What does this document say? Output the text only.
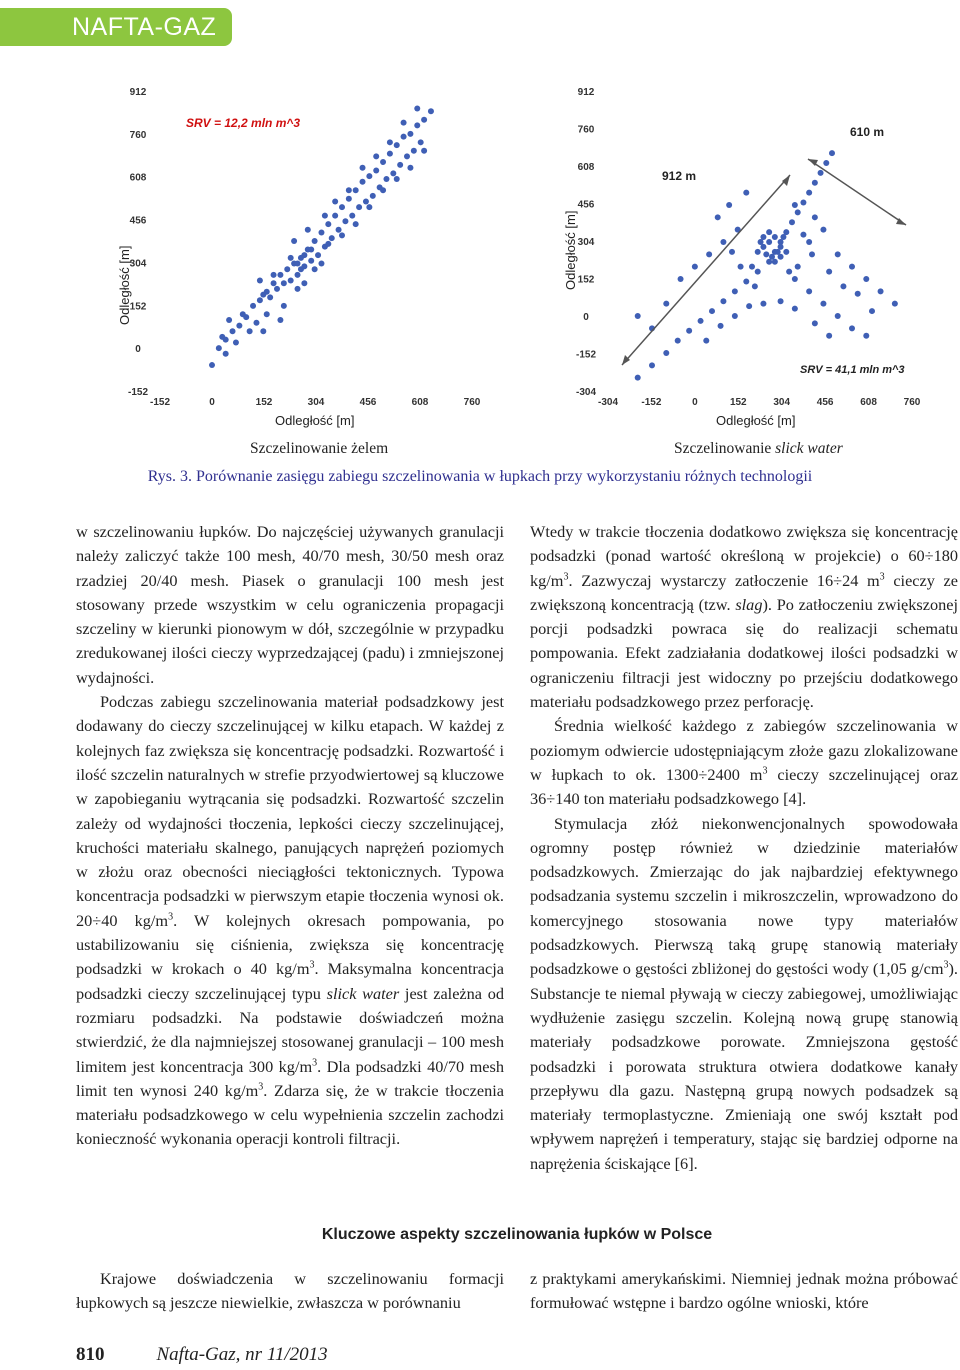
NAFTA-GAZ
SRV = 12,2 mln m^3
Odległość [m]
Odległość [m]
912
760
608
456
304
152
0
-152
-152	0	152	304	456	608	760
SRV = 41,1 mln m^3
Odległość [m]
Odległość [m]
912
760
608
456
304
152
0
-152
-304
-304 -152	0	152	304	456	608	760
912 m
610 m
Szczelinowanie żelem	Szczelinowanie slick water
Rys. 3. Porównanie zasięgu zabiegu szczelinowania w łupkach przy wykorzystaniu różnych technologii

w szczelinowaniu łupków. Do najczęściej używanych granulacji należy zaliczyć także 100 mesh, 40/70 mesh, 30/50 mesh oraz rzadziej 20/40 mesh. Piasek o granulacji 100 mesh jest stosowany przede wszystkim w celu ograniczenia propagacji szczeliny w kierunki pionowym w dół, szczególnie w przypadku zredukowanej ilości cieczy wyprzedzającej (padu) i zmniejszonej wydajności.

Podczas zabiegu szczelinowania materiał podsadzkowy jest dodawany do cieczy szczelinującej w kilku etapach. W każdej z kolejnych faz zwiększa się koncentrację podsadzki. Rozwartość i ilość szczelin naturalnych w strefie przyodwiertowej są kluczowe w zapobieganiu wytrącania się podsadzki. Rozwartość szczelin zależy od wydajności tłoczenia, lepkości cieczy szczelinującej, kruchości materiału skalnego, panujących naprężeń poziomych w złożu oraz obecności nieciągłości tektonicznych. Typowa koncentracja podsadzki w pierwszym etapie tłoczenia wynosi ok. 20÷40 $kg/m^3$. W kolejnych okresach pompowania, po ustabilizowaniu się ciśnienia, zwiększa się koncentrację podsadzki w krokach o 40 $kg/m^3$. Maksymalna koncentracja podsadzki cieczy szczelinującej typu slick water jest zależna od rozmiaru podsadzki. Na podstawie doświadczeń można stwierdzić, że dla najmniejszej stosowanej granulacji – 100 mesh limitem jest koncentracja 300 $kg/m^3$. Dla podsadzki 40/70 mesh limit ten wynosi 240 $kg/m^3$. Zdarza się, że w trakcie tłoczenia materiału podsadzkowego w celu wypełnienia szczelin zachodzi konieczność wykonania operacji kontroli filtracji.

Wtedy w trakcie tłoczenia dodatkowo zwiększa się koncentrację podsadzki (ponad wartość określoną w projekcie) o 60÷180 $kg/m^3$. Zazwyczaj wystarczy zatłoczenie 16÷24 $m^3$ cieczy ze zwiększoną koncentracją (tzw. slag). Po zatłoczeniu zwiększonej porcji podsadzki powraca się do realizacji schematu pompowania. Efekt zadziałania dodatkowej ilości podsadzki w ograniczeniu filtracji jest widoczny po przejściu dodatkowego materiału podsadzkowego przez perforację.

Średnia wielkość każdego z zabiegów szczelinowania w poziomym odwiercie udostępniającym złoże gazu zlokalizowane w łupkach to ok. 1300÷2400 $m^3$ cieczy szczelinującej oraz 36÷140 ton materiału podsadzkowego [4].

Stymulacja złóż niekonwencjonalnych spowodowała ogromny postęp również w dziedzinie materiałów podsadzkowych. Zmierzając do jak najbardziej efektywnego podsadzania systemu szczelin i mikroszczelin, wprowadzono do komercyjnego stosowania nowe typy materiałów podsadzkowych. Pierwszą taką grupę stanowią materiały podsadzkowe o gęstości zbliżonej do gęstości wody (1,05 $g/cm^3$). Substancje te niemal pływają w cieczy zabiegowej, umożliwiając wydłużenie zasięgu szczelin. Kolejną nową grupę stanowią materiały podsadzkowe porowate. Zmniejszona gęstość podsadzki i porowata struktura otwiera dodatkowe kanały przepływu dla gazu. Następną grupą nowych podsadzek są materiały termoplastyczne. Zmieniają one swój kształt pod wpływem naprężeń i temperatury, stając się bardziej odporne na naprężenia ściskające [6].

Kluczowe aspekty szczelinowania łupków w Polsce

Krajowe doświadczenia w szczelinowaniu formacji łupkowych są jeszcze niewielkie, zwłaszcza w porównaniu

z praktykami amerykańskimi. Niemniej jednak można próbować formułować wstępne i bardzo ogólne wnioski, które

810	Nafta-Gaz, nr 11/2013
